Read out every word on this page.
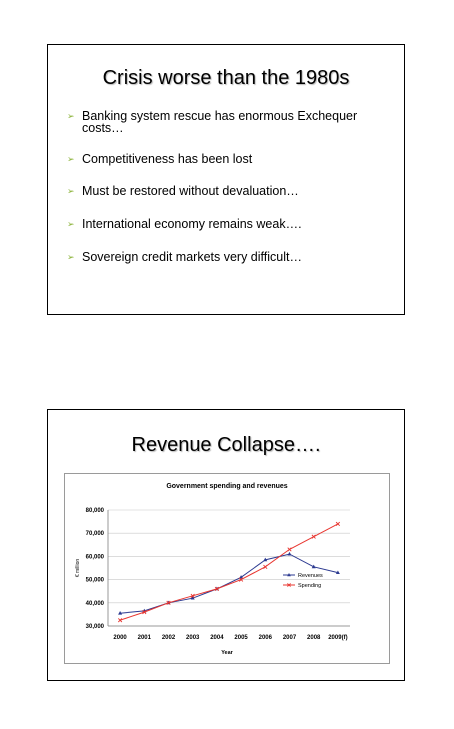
Crisis worse than the 1980s
➢ Banking system rescue has enormous Exchequer costs…
➢ Competitiveness has been lost
➢ Must be restored without devaluation…
➢ International economy remains weak….
➢ Sovereign credit markets very difficult…
Revenue Collapse….
Government spending and revenues
30,000
40,000
50,000
60,000
70,000
80,000
2000 2001 2002 2003 2004 2005 2006 2007 2008 2009(f)
Year
€ million	Revenues
Spending
